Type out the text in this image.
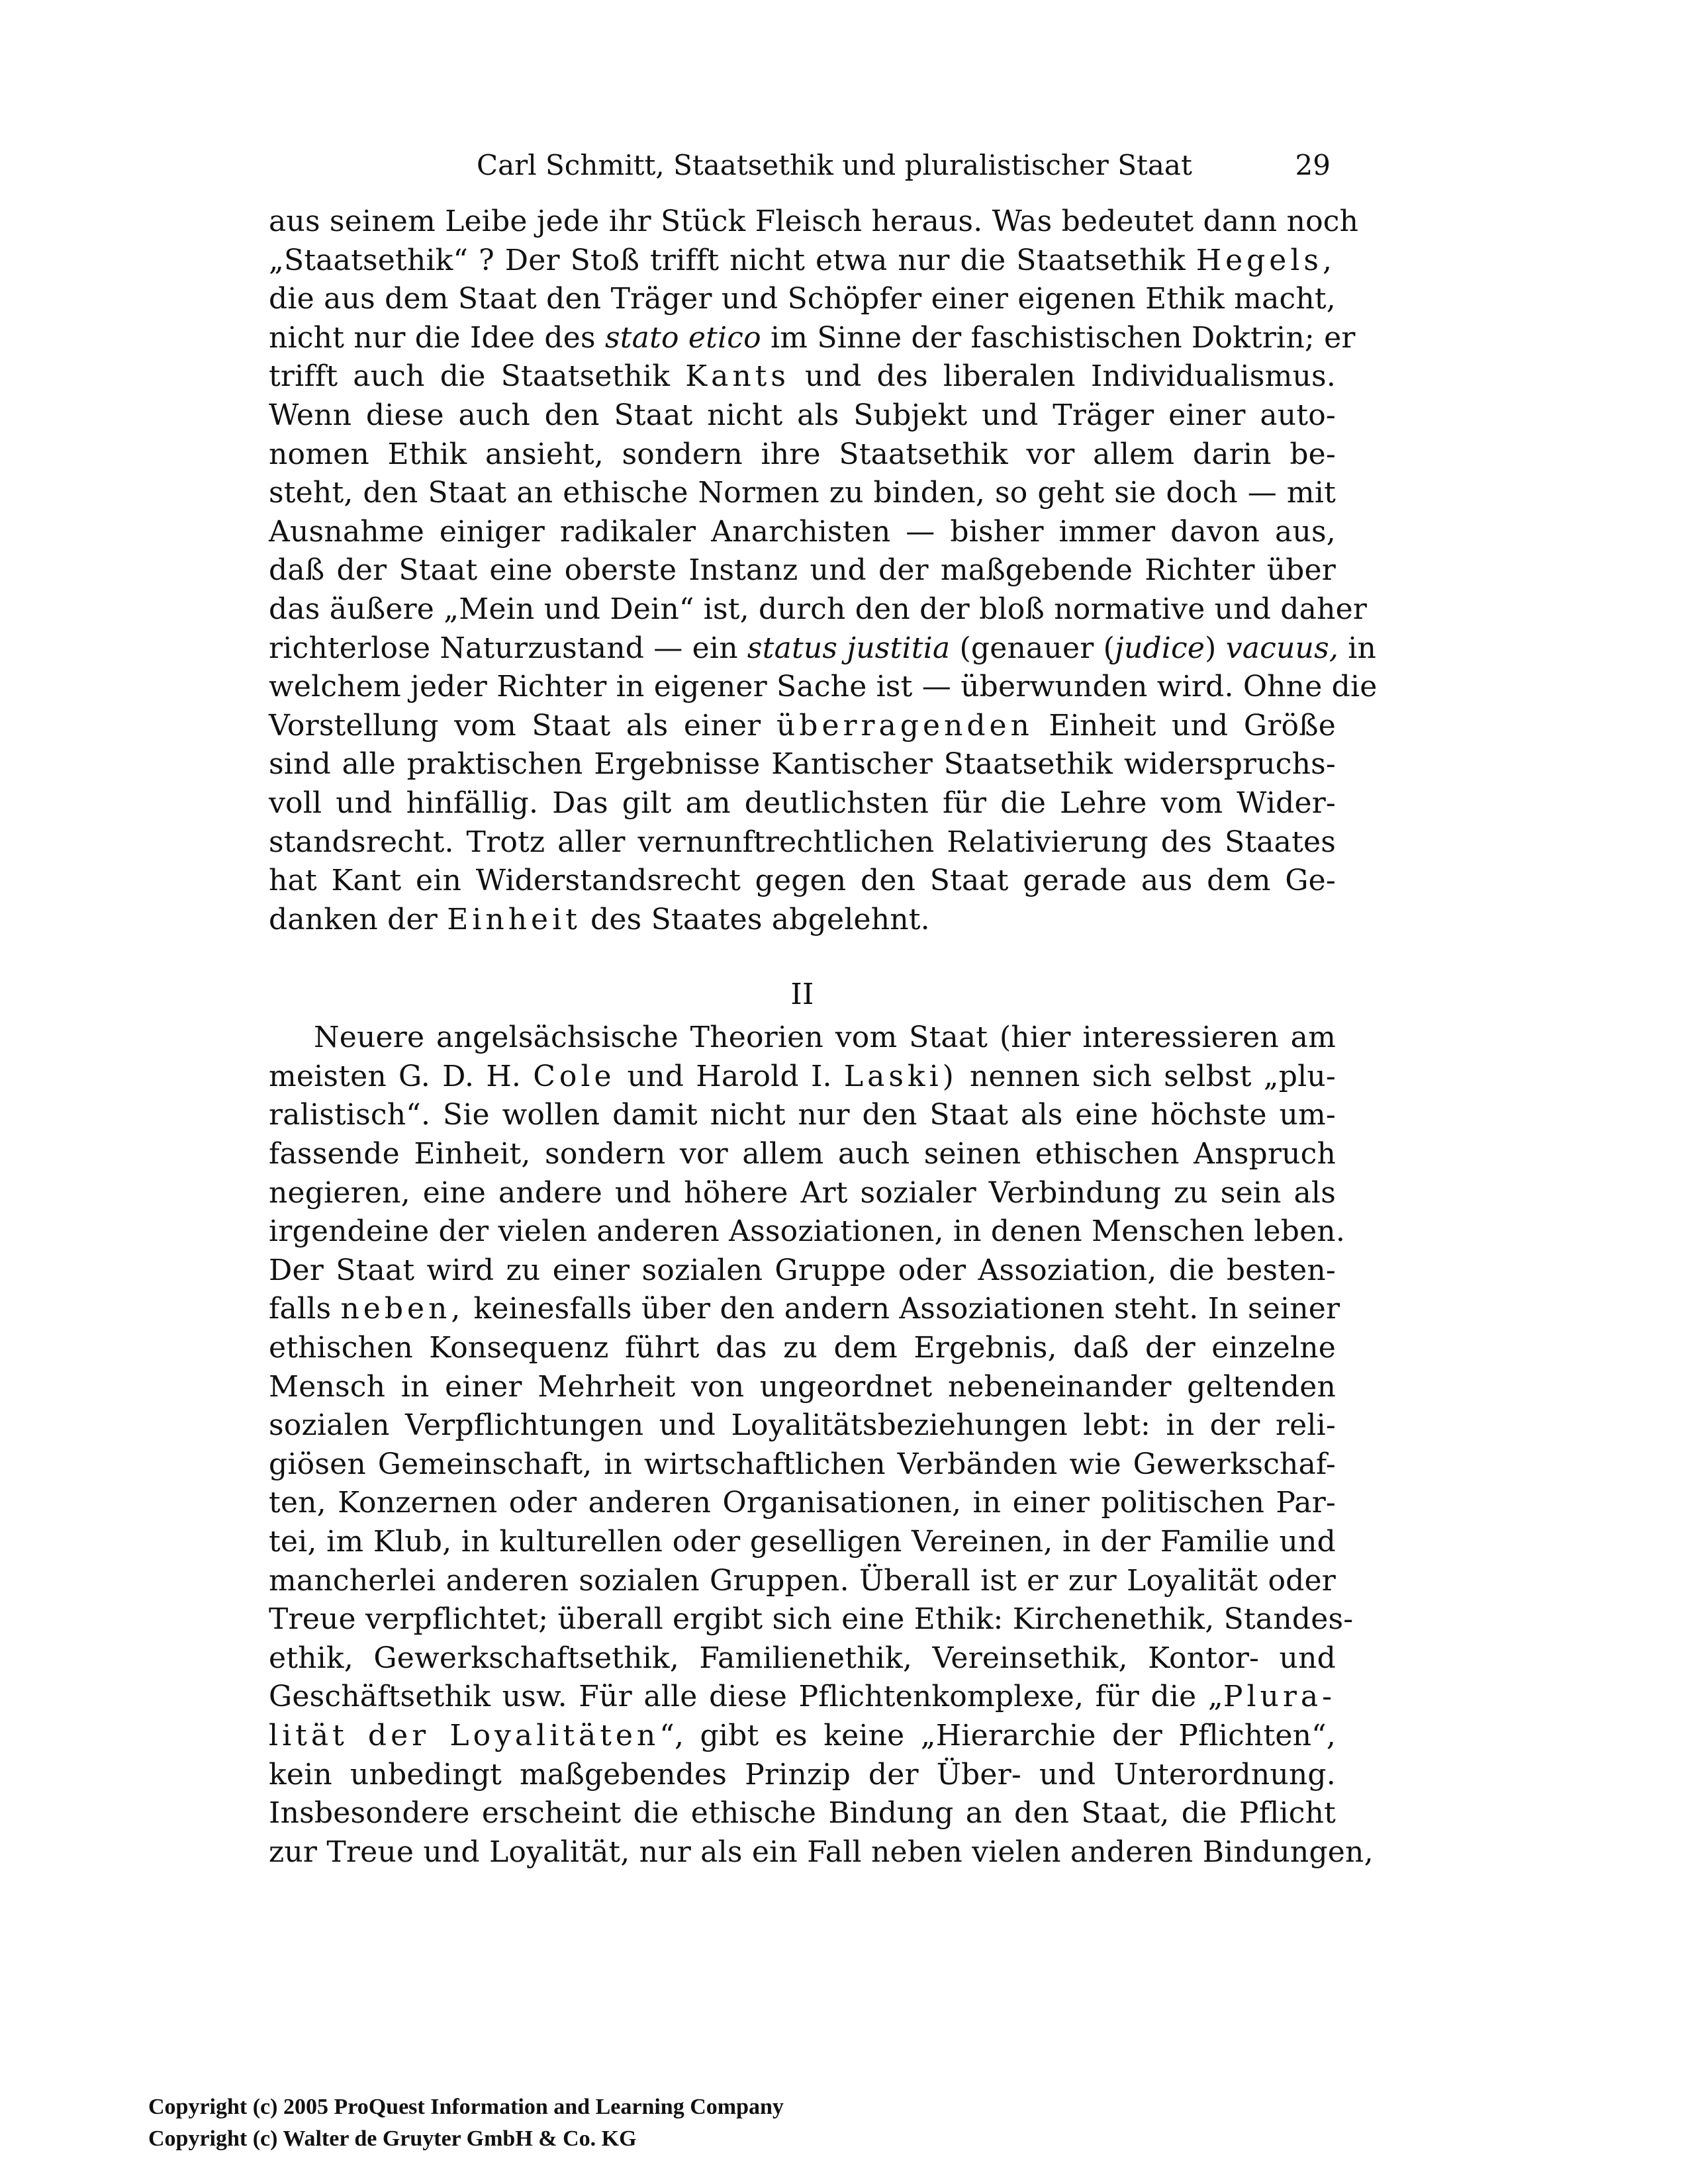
Carl Schmitt, Staatsethik und pluralistischer Staat	29
aus seinem Leibe jede ihr Stück Fleisch heraus. Was bedeutet dann noch
„Staatsethik“ ? Der Stoß trifft nicht etwa nur die Staatsethik Hegels,
die aus dem Staat den Träger und Schöpfer einer eigenen Ethik macht,
nicht nur die Idee des stato etico im Sinne der faschistischen Doktrin; er
trifft auch die Staatsethik Kants und des liberalen Individualismus.
Wenn diese auch den Staat nicht als Subjekt und Träger einer auto-
nomen Ethik ansieht, sondern ihre Staatsethik vor allem darin be-
steht, den Staat an ethische Normen zu binden, so geht sie doch — mit
Ausnahme einiger radikaler Anarchisten — bisher immer davon aus,
daß der Staat eine oberste Instanz und der maßgebende Richter über
das äußere „Mein und Dein“ ist, durch den der bloß normative und daher
richterlose Naturzustand — ein status justitia (genauer (judice) vacuus, in
welchem jeder Richter in eigener Sache ist — überwunden wird. Ohne die
Vorstellung vom Staat als einer überragenden Einheit und Größe
sind alle praktischen Ergebnisse Kantischer Staatsethik widerspruchs-
voll und hinfällig. Das gilt am deutlichsten für die Lehre vom Wider-
standsrecht. Trotz aller vernunftrechtlichen Relativierung des Staates
hat Kant ein Widerstandsrecht gegen den Staat gerade aus dem Ge-
danken der Einheit des Staates abgelehnt.
II
Neuere angelsächsische Theorien vom Staat (hier interessieren am
meisten G. D. H. Cole und Harold I. Laski) nennen sich selbst „plu-
ralistisch“. Sie wollen damit nicht nur den Staat als eine höchste um-
fassende Einheit, sondern vor allem auch seinen ethischen Anspruch
negieren, eine andere und höhere Art sozialer Verbindung zu sein als
irgendeine der vielen anderen Assoziationen, in denen Menschen leben.
Der Staat wird zu einer sozialen Gruppe oder Assoziation, die besten-
falls neben, keinesfalls über den andern Assoziationen steht. In seiner
ethischen Konsequenz führt das zu dem Ergebnis, daß der einzelne
Mensch in einer Mehrheit von ungeordnet nebeneinander geltenden
sozialen Verpflichtungen und Loyalitätsbeziehungen lebt: in der reli-
giösen Gemeinschaft, in wirtschaftlichen Verbänden wie Gewerkschaf-
ten, Konzernen oder anderen Organisationen, in einer politischen Par-
tei, im Klub, in kulturellen oder geselligen Vereinen, in der Familie und
mancherlei anderen sozialen Gruppen. Überall ist er zur Loyalität oder
Treue verpflichtet; überall ergibt sich eine Ethik: Kirchenethik, Standes-
ethik, Gewerkschaftsethik, Familienethik, Vereinsethik, Kontor- und
Geschäftsethik usw. Für alle diese Pflichtenkomplexe, für die „Plura-
lität der Loyalitäten“, gibt es keine „Hierarchie der Pflichten“,
kein unbedingt maßgebendes Prinzip der Über- und Unterordnung.
Insbesondere erscheint die ethische Bindung an den Staat, die Pflicht
zur Treue und Loyalität, nur als ein Fall neben vielen anderen Bindungen,
Copyright (c) 2005 ProQuest Information and Learning Company
Copyright (c) Walter de Gruyter GmbH & Co. KG
